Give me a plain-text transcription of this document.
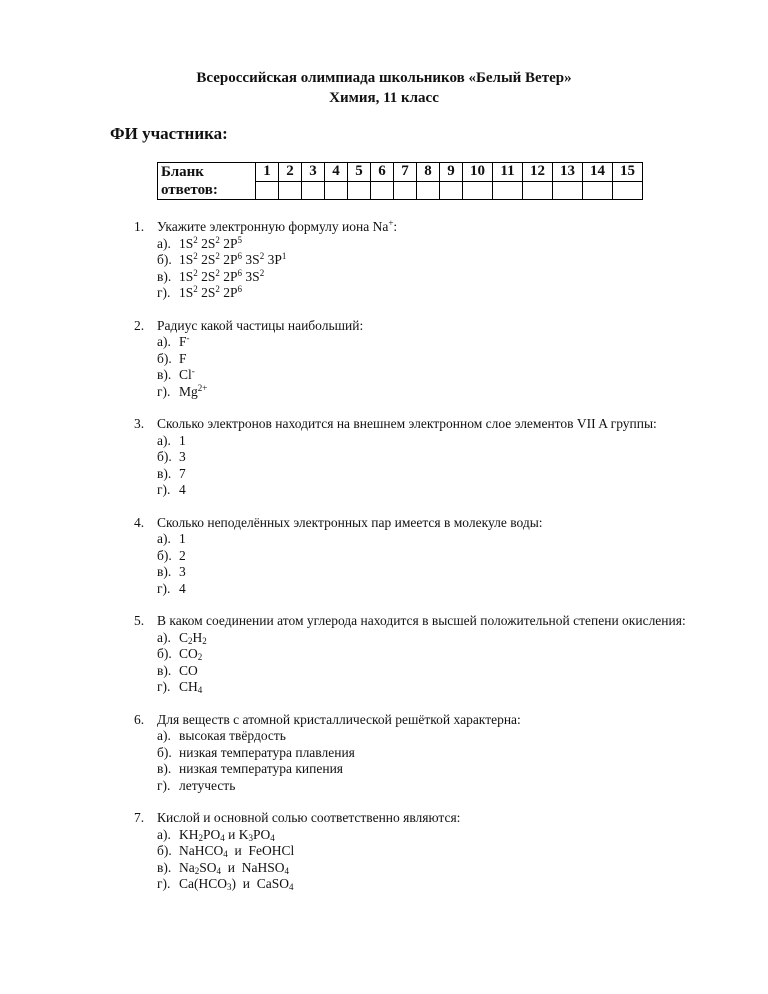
Всероссийская олимпиада школьников «Белый Ветер»
Химия, 11 класс
ФИ участника:
Бланк
ответов:	1	2	3	4	5	6	7	8	9	10	11	12	13	14	15

1. Укажите электронную формулу иона Na+:
а). $1S^2$ $2S^2$ $2P^5$
б). $1S^2$ $2S^2$ $2P^6$ $3S^2$ $3P^1$
в). $1S^2$ $2S^2$ $2P^6$ $3S^2$
г). $1S^2$ $2S^2$ $2P^6$
2. Радиус какой частицы наибольший:
а). F-
б). F
в). Cl-
г). $Mg^{2+}$
3. Сколько электронов находится на внешнем электронном слое элементов VII A группы:
а). 1
б). 3
в). 7
г). 4
4. Сколько неподелённых электронных пар имеется в молекуле воды:
а). 1
б). 2
в). 3
г). 4
5. В каком соединении атом углерода находится в высшей положительной степени окисления:
а). $C_2H_2$
б). $CO_2$
в). CO
г). $CH_4$
6. Для веществ с атомной кристаллической решёткой характерна:
а). высокая твёрдость
б). низкая температура плавления
в). низкая температура кипения
г). летучесть
7. Кислой и основной солью соответственно являются:
а). $KH_2PO_4$ и $K_3PO_4$
б). NaHCO$_4$  и  FeOHCl
в). $Na_2SO_4$  и  NaHSO$_4$
г). $Ca(HCO_3)$  и  CaSO$_4$
